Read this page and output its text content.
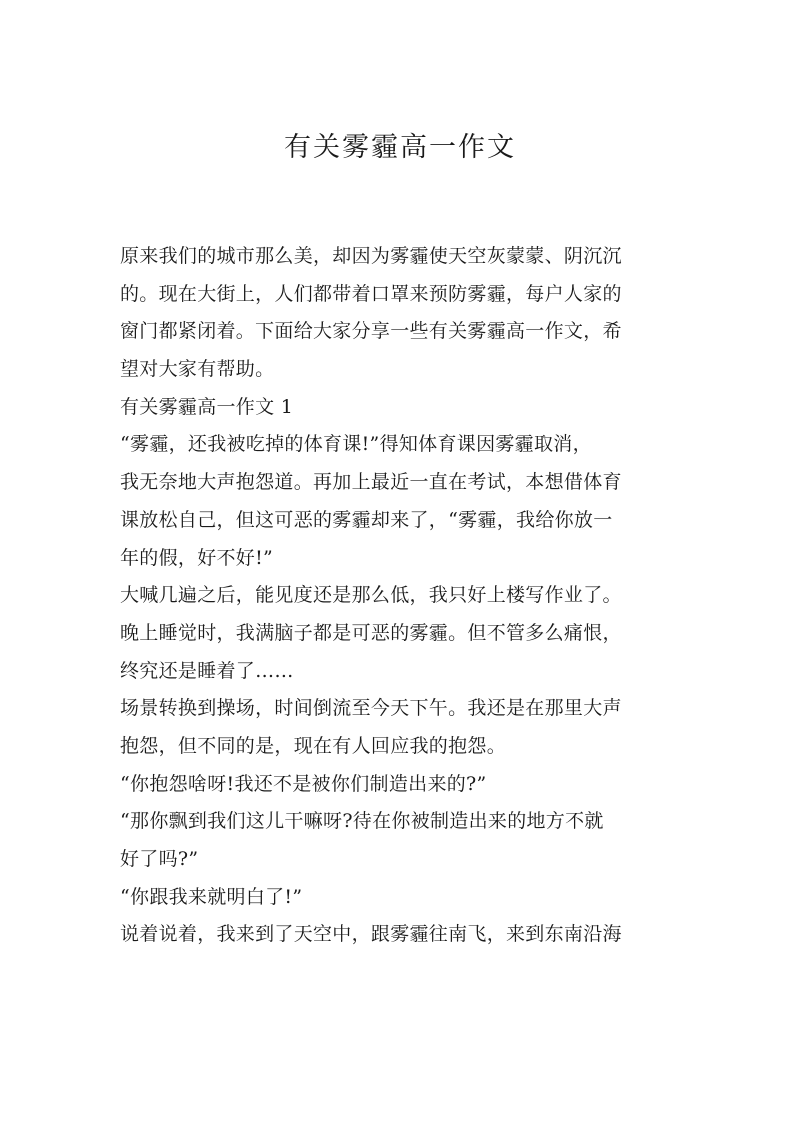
有关雾霾高一作文
原来我们的城市那么美，却因为雾霾使天空灰蒙蒙、阴沉沉
的。现在大街上，人们都带着口罩来预防雾霾，每户人家的
窗门都紧闭着。下面给大家分享一些有关雾霾高一作文，希
望对大家有帮助。
有关雾霾高一作文 1
“雾霾，还我被吃掉的体育课!”得知体育课因雾霾取消，
我无奈地大声抱怨道。再加上最近一直在考试，本想借体育
课放松自己，但这可恶的雾霾却来了，“雾霾，我给你放一
年的假，好不好!”
大喊几遍之后，能见度还是那么低，我只好上楼写作业了。
晚上睡觉时，我满脑子都是可恶的雾霾。但不管多么痛恨，
终究还是睡着了……
场景转换到操场，时间倒流至今天下午。我还是在那里大声
抱怨，但不同的是，现在有人回应我的抱怨。
“你抱怨啥呀!我还不是被你们制造出来的?”
“那你飘到我们这儿干嘛呀?待在你被制造出来的地方不就
好了吗?”
“你跟我来就明白了!”
说着说着，我来到了天空中，跟雾霾往南飞，来到东南沿海
